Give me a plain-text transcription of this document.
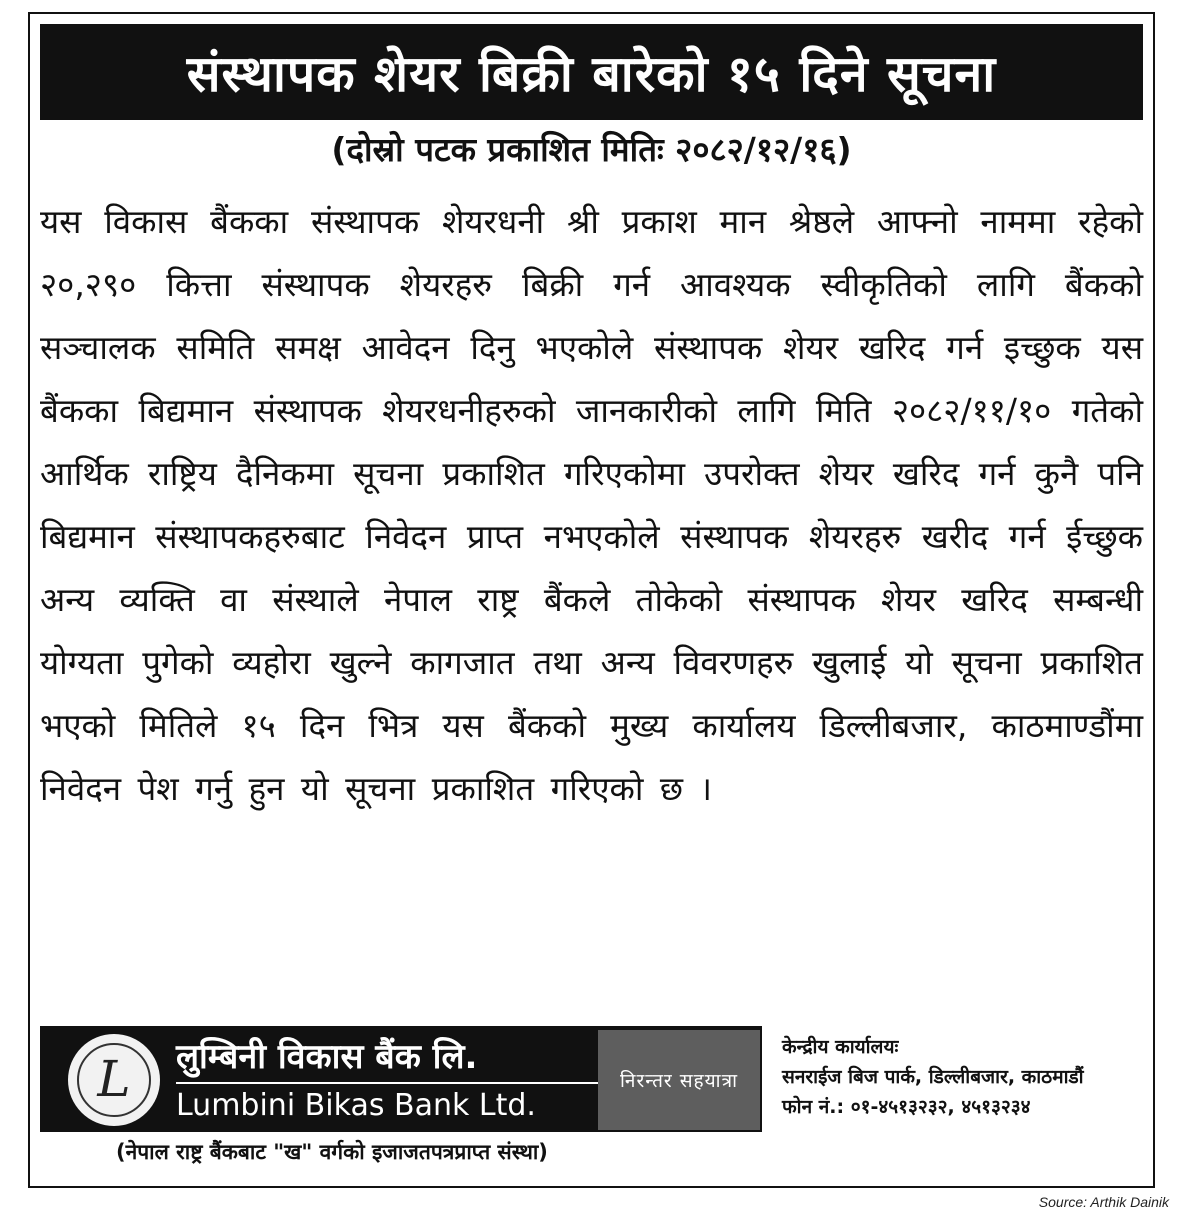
संस्थापक शेयर बिक्री बारेको १५ दिने सूचना
(दोस्रो पटक प्रकाशित मितिः २०८२/१२/१६)
यस विकास बैंकका संस्थापक शेयरधनी श्री प्रकाश मान श्रेष्ठले आफ्नो नाममा रहेको २०,२९० कित्ता संस्थापक शेयरहरु बिक्री गर्न आवश्यक स्वीकृतिको लागि बैंकको सञ्चालक समिति समक्ष आवेदन दिनु भएकोले संस्थापक शेयर खरिद गर्न इच्छुक यस बैंकका बिद्यमान संस्थापक शेयरधनीहरुको जानकारीको लागि मिति २०८२/११/१० गतेको आर्थिक राष्ट्रिय दैनिकमा सूचना प्रकाशित गरिएकोमा उपरोक्त शेयर खरिद गर्न कुनै पनि बिद्यमान संस्थापकहरुबाट निवेदन प्राप्त नभएकोले संस्थापक शेयरहरु खरीद गर्न ईच्छुक अन्य व्यक्ति वा संस्थाले नेपाल राष्ट्र बैंकले तोकेको संस्थापक शेयर खरिद सम्बन्धी योग्यता पुगेको व्यहोरा खुल्ने कागजात तथा अन्य विवरणहरु खुलाई यो सूचना प्रकाशित भएको मितिले १५ दिन भित्र यस बैंकको मुख्य कार्यालय डिल्लीबजार, काठमाण्डौंमा निवेदन पेश गर्नु हुन यो सूचना प्रकाशित गरिएको छ ।
L लुम्बिनी विकास बैंक लि.
Lumbini Bikas Bank Ltd.
निरन्तर सहयात्रा
केन्द्रीय कार्यालयः
सनराईज बिज पार्क, डिल्लीबजार, काठमाडौं
फोन नं.: ०१-४५१३२३२, ४५१३२३४
(नेपाल राष्ट्र बैंकबाट "ख" वर्गको इजाजतपत्रप्राप्त संस्था)
Source: Arthik Dainik
